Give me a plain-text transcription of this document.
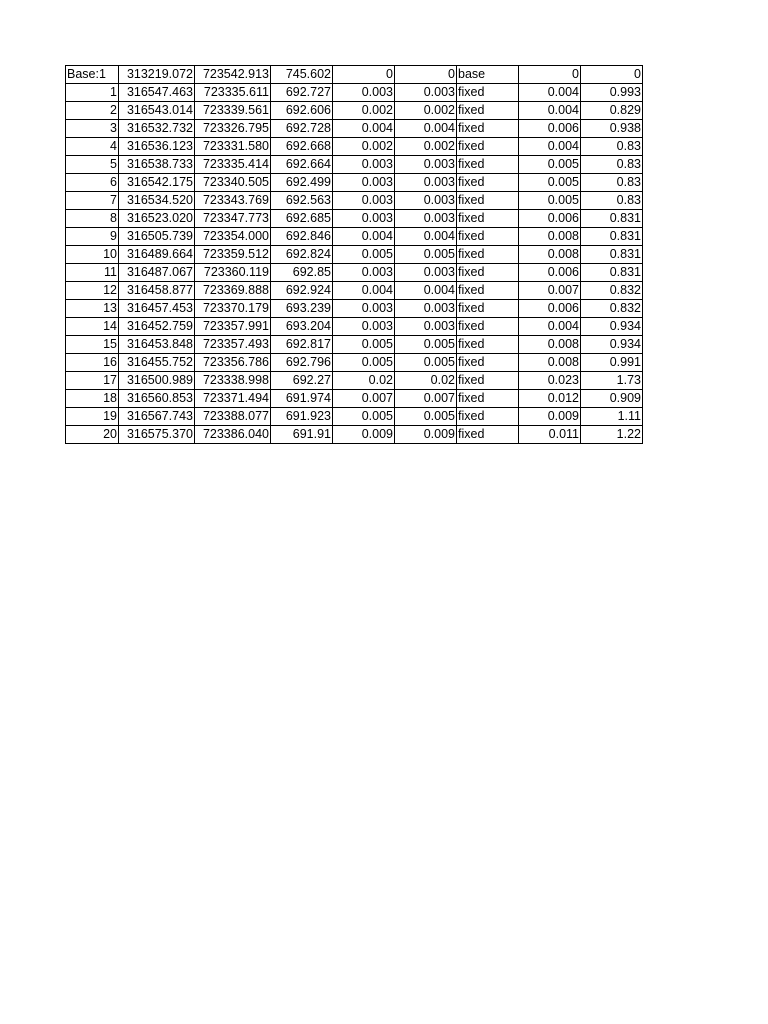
Base:1	313219.072	723542.913	745.602	0	0	base	0	0
1	316547.463	723335.611	692.727	0.003	0.003	fixed	0.004	0.993
2	316543.014	723339.561	692.606	0.002	0.002	fixed	0.004	0.829
3	316532.732	723326.795	692.728	0.004	0.004	fixed	0.006	0.938
4	316536.123	723331.580	692.668	0.002	0.002	fixed	0.004	0.83
5	316538.733	723335.414	692.664	0.003	0.003	fixed	0.005	0.83
6	316542.175	723340.505	692.499	0.003	0.003	fixed	0.005	0.83
7	316534.520	723343.769	692.563	0.003	0.003	fixed	0.005	0.83
8	316523.020	723347.773	692.685	0.003	0.003	fixed	0.006	0.831
9	316505.739	723354.000	692.846	0.004	0.004	fixed	0.008	0.831
10	316489.664	723359.512	692.824	0.005	0.005	fixed	0.008	0.831
11	316487.067	723360.119	692.85	0.003	0.003	fixed	0.006	0.831
12	316458.877	723369.888	692.924	0.004	0.004	fixed	0.007	0.832
13	316457.453	723370.179	693.239	0.003	0.003	fixed	0.006	0.832
14	316452.759	723357.991	693.204	0.003	0.003	fixed	0.004	0.934
15	316453.848	723357.493	692.817	0.005	0.005	fixed	0.008	0.934
16	316455.752	723356.786	692.796	0.005	0.005	fixed	0.008	0.991
17	316500.989	723338.998	692.27	0.02	0.02	fixed	0.023	1.73
18	316560.853	723371.494	691.974	0.007	0.007	fixed	0.012	0.909
19	316567.743	723388.077	691.923	0.005	0.005	fixed	0.009	1.11
20	316575.370	723386.040	691.91	0.009	0.009	fixed	0.011	1.22
